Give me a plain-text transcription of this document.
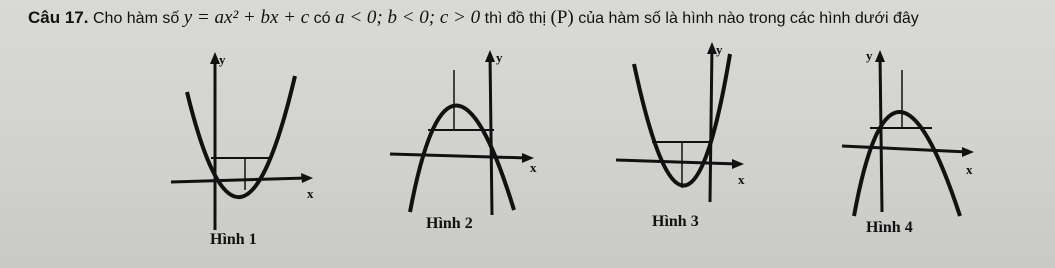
Câu 17. Cho hàm số y = ax² + bx + c có a < 0; b < 0; c > 0 thì đồ thị (P) của hàm số là hình nào trong các hình dưới đây
y
x
Hình 1
y
x
Hình 2
y
x
Hình 3
y
x
Hình 4
